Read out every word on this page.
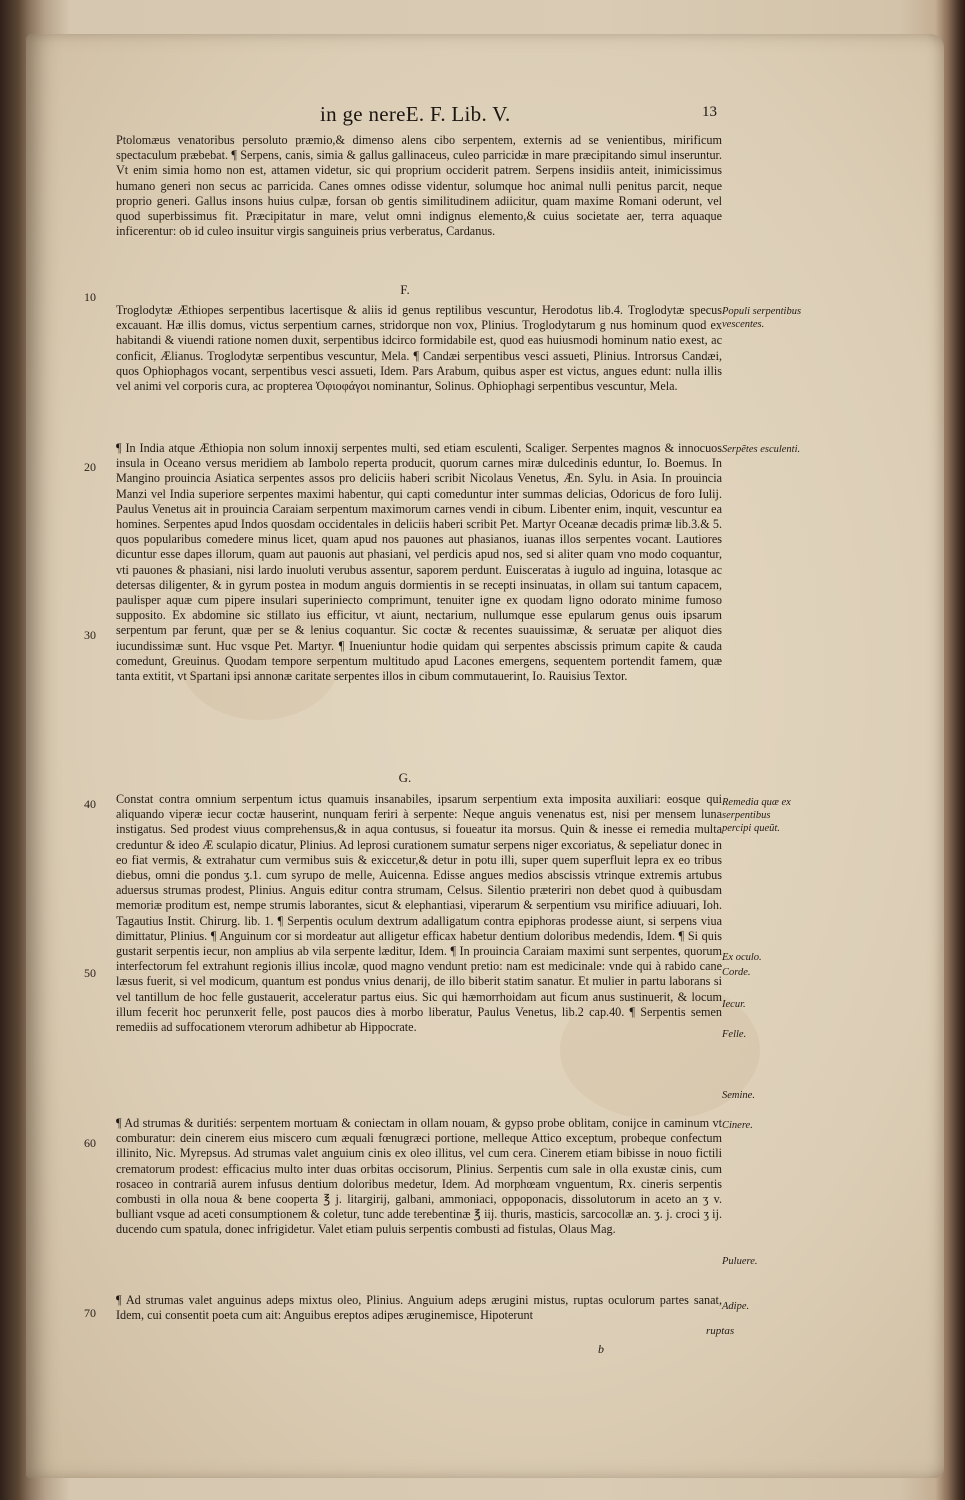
in ge nereE. F. Lib. V.	13

Ptolomæus venatoribus persoluto præmio,& dimenso alens cibo serpentem, externis ad se venientibus, mirificum spectaculum præbebat. ¶ Serpens, canis, simia & gallus gallinaceus, culeo parricidæ in mare præcipitando simul inseruntur. Vt enim simia homo non est, attamen videtur, sic qui proprium occiderit patrem. Serpens insidiis anteit, inimicissimus humano generi non secus ac parricida. Canes omnes odisse videntur, solumque hoc animal nulli penitus parcit, neque proprio generi. Gallus insons huius culpæ, forsan ob gentis similitudinem adiicitur, quam maxime Romani oderunt, vel quod superbissimus fit. Præcipitatur in mare, velut omni indignus elemento,& cuius societate aer, terra aquaque inficerentur: ob id culeo insuitur virgis sanguineis prius verberatus, Cardanus.

F.

Troglodytæ Æthiopes serpentibus lacertisque & aliis id genus reptilibus vescuntur, Herodotus lib.4. Troglodytæ specus excauant. Hæ illis domus, victus serpentium carnes, stridorque non vox, Plinius. Troglodytarum g nus hominum quod ex habitandi & viuendi ratione nomen duxit, serpentibus idcirco formidabile est, quod eas huiusmodi hominum natio exest, ac conficit, Ælianus. Troglodytæ serpentibus vescuntur, Mela. ¶ Candæi serpentibus vesci assueti, Plinius. Introrsus Candæi, quos Ophiophagos vocant, serpentibus vesci assueti, Idem. Pars Arabum, quibus asper est victus, angues edunt: nulla illis vel animi vel corporis cura, ac propterea Ὀφιοφάγοι nominantur, Solinus. Ophiophagi serpentibus vescuntur, Mela.

¶ In India atque Æthiopia non solum innoxij serpentes multi, sed etiam esculenti, Scaliger. Serpentes magnos & innocuos insula in Oceano versus meridiem ab Iambolo reperta producit, quorum carnes miræ dulcedinis eduntur, Io. Boemus. In Mangino prouincia Asiatica serpentes assos pro deliciis haberi scribit Nicolaus Venetus, Æn. Sylu. in Asia. In prouincia Manzi vel India superiore serpentes maximi habentur, qui capti comeduntur inter summas delicias, Odoricus de foro Iulij. Paulus Venetus ait in prouincia Caraiam serpentum maximorum carnes vendi in cibum. Libenter enim, inquit, vescuntur ea homines. Serpentes apud Indos quosdam occidentales in deliciis haberi scribit Pet. Martyr Oceanæ decadis primæ lib.3.& 5. quos popularibus comedere minus licet, quam apud nos pauones aut phasianos, iuanas illos serpentes vocant. Lautiores dicuntur esse dapes illorum, quam aut pauonis aut phasiani, vel perdicis apud nos, sed si aliter quam vno modo coquantur, vti pauones & phasiani, nisi lardo inuoluti verubus assentur, saporem perdunt. Euisceratas à iugulo ad inguina, lotasque ac detersas diligenter, & in gyrum postea in modum anguis dormientis in se recepti insinuatas, in ollam sui tantum capacem, paulisper aquæ cum pipere insulari superiniecto comprimunt, tenuiter igne ex quodam ligno odorato minime fumoso supposito. Ex abdomine sic stillato ius efficitur, vt aiunt, nectarium, nullumque esse epularum genus ouis ipsarum serpentum par ferunt, quæ per se & lenius coquantur. Sic coctæ & recentes suauissimæ, & seruatæ per aliquot dies iucundissimæ sunt. Huc vsque Pet. Martyr. ¶ Inueniuntur hodie quidam qui serpentes abscissis primum capite & cauda comedunt, Greuinus. Quodam tempore serpentum multitudo apud Lacones emergens, sequentem portendit famem, quæ tanta extitit, vt Spartani ipsi annonæ caritate serpentes illos in cibum commutauerint, Io. Rauisius Textor.

G.

Constat contra omnium serpentum ictus quamuis insanabiles, ipsarum serpentium exta imposita auxiliari: eosque qui aliquando viperæ iecur coctæ hauserint, nunquam feriri à serpente: Neque anguis venenatus est, nisi per mensem luna instigatus. Sed prodest viuus comprehensus,& in aqua contusus, si foueatur ita morsus. Quin & inesse ei remedia multa creduntur & ideo Æ sculapio dicatur, Plinius. Ad leprosi curationem sumatur serpens niger excoriatus, & sepeliatur donec in eo fiat vermis, & extrahatur cum vermibus suis & exiccetur,& detur in potu illi, super quem superfluit lepra ex eo tribus diebus, omni die pondus ʒ.1. cum syrupo de melle, Auicenna. Edisse angues medios abscissis vtrinque extremis artubus aduersus strumas prodest, Plinius. Anguis editur contra strumam, Celsus. Silentio præteriri non debet quod à quibusdam memoriæ proditum est, nempe strumis laborantes, sicut & elephantiasi, viperarum & serpentium vsu mirifice adiuuari, Ioh. Tagautius Instit. Chirurg. lib. 1. ¶ Serpentis oculum dextrum adalligatum contra epiphoras prodesse aiunt, si serpens viua dimittatur, Plinius. ¶ Anguinum cor si mordeatur aut alligetur efficax habetur dentium doloribus medendis, Idem. ¶ Si quis gustarit serpentis iecur, non amplius ab vila serpente læditur, Idem. ¶ In prouincia Caraiam maximi sunt serpentes, quorum interfectorum fel extrahunt regionis illius incolæ, quod magno vendunt pretio: nam est medicinale: vnde qui à rabido cane læsus fuerit, si vel modicum, quantum est pondus vnius denarij, de illo biberit statim sanatur. Et mulier in partu laborans si vel tantillum de hoc felle gustauerit, acceleratur partus eius. Sic qui hæmorrhoidam aut ficum anus sustinuerit, & locum illum fecerit hoc perunxerit felle, post paucos dies à morbo liberatur, Paulus Venetus, lib.2 cap.40. ¶ Serpentis semen remediis ad suffocationem vterorum adhibetur ab Hippocrate.

¶ Ad strumas & duritiés: serpentem mortuam & coniectam in ollam nouam, & gypso probe oblitam, conijce in caminum vt comburatur: dein cinerem eius miscero cum æquali fœnugræci portione, melleque Attico exceptum, probeque confectum illinito, Nic. Myrepsus. Ad strumas valet anguium cinis ex oleo illitus, vel cum cera. Cinerem etiam bibisse in nouo fictili crematorum prodest: efficacius multo inter duas orbitas occisorum, Plinius. Serpentis cum sale in olla exustæ cinis, cum rosaceo in contrariã aurem infusus dentium doloribus medetur, Idem. Ad morphœam vnguentum, Rx. cineris serpentis combusti in olla noua & bene cooperta ℥ j. litargirij, galbani, ammoniaci, oppoponacis, dissolutorum in aceto an ʒ v. bulliant vsque ad aceti consumptionem & coletur, tunc adde terebentinæ ℥ iij. thuris, masticis, sarcocollæ an. ʒ. j. croci ʒ ij. ducendo cum spatula, donec infrigidetur. Valet etiam puluis serpentis combusti ad fistulas, Olaus Mag.

¶ Ad strumas valet anguinus adeps mixtus oleo, Plinius. Anguium adeps ærugini mistus, ruptas oculorum partes sanat, Idem, cui consentit poeta cum ait: Anguibus ereptos adipes æruginemisce, Hipoterunt

10
20
30
40
50
60
70
Populi serpentibus vescentes.
Serpẽtes esculenti.
Remedia quæ ex serpentibus percipi queũt.
Ex oculo.
Corde.
Iecur.
Felle.
Semine.
Cinere.
Puluere.
Adipe.
b
ruptas
